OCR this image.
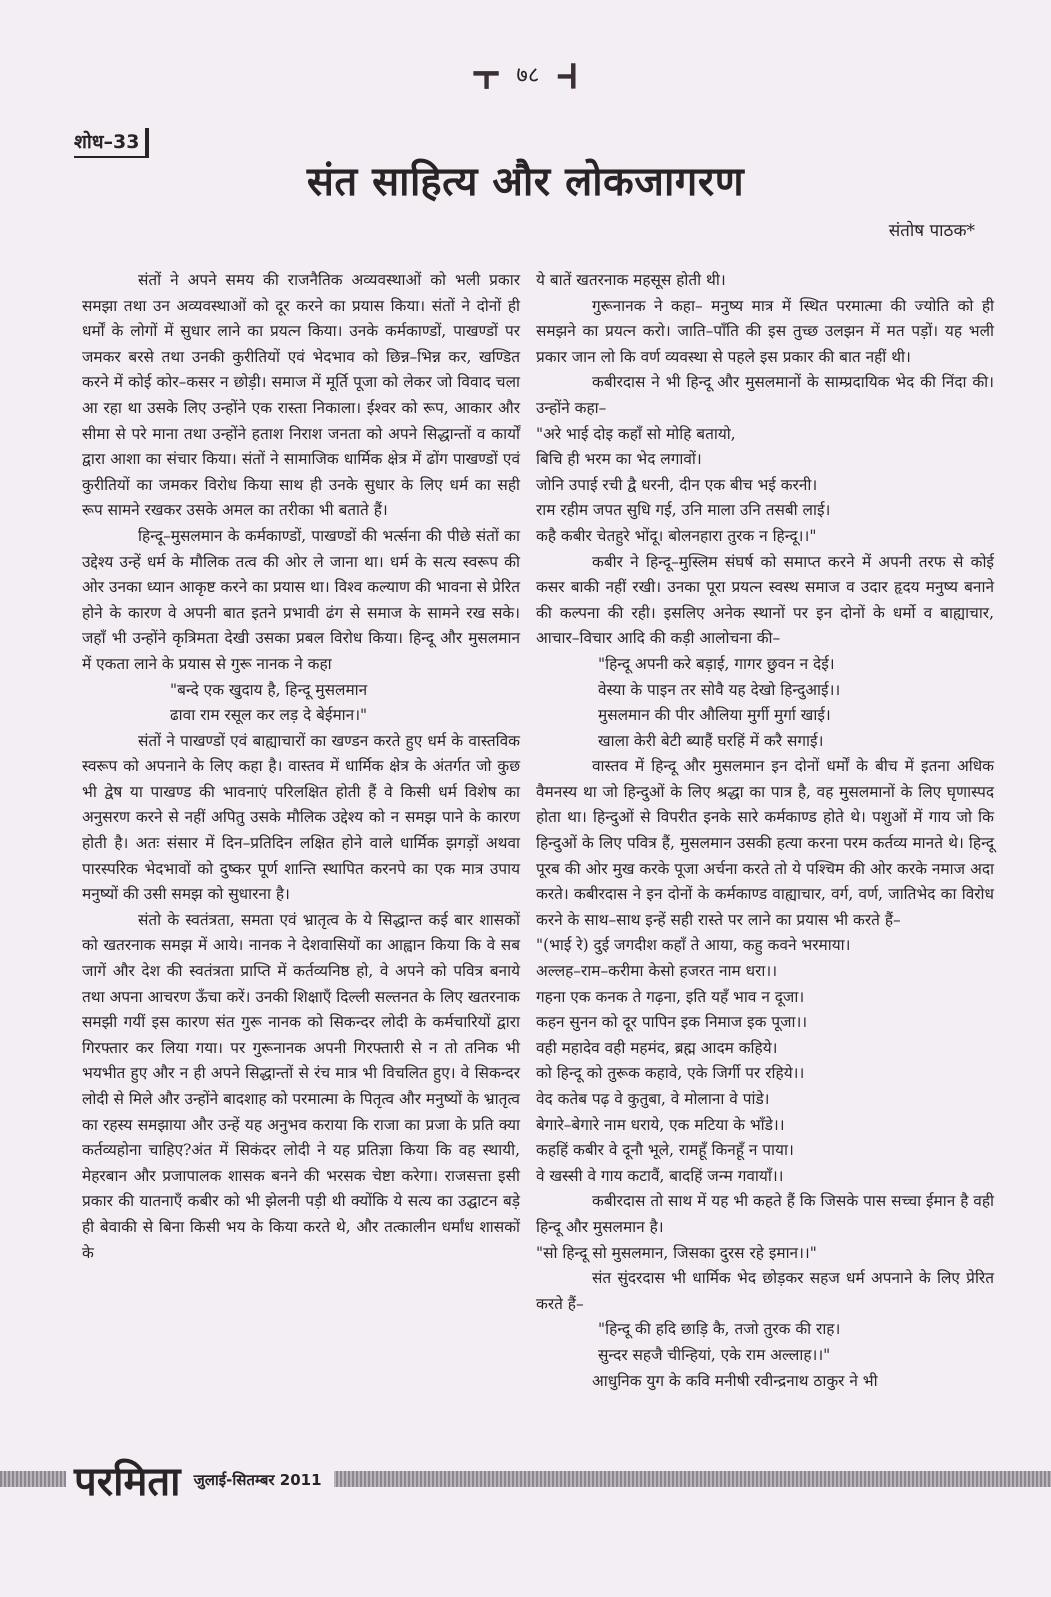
⫟ ७८ ⫞
शोध–33
संत साहित्य और लोकजागरण
संतोष पाठक*

संतों ने अपने समय की राजनैतिक अव्यवस्थाओं को भली प्रकार समझा तथा उन अव्यवस्थाओं को दूर करने का प्रयास किया। संतों ने दोनों ही धर्मों के लोगों में सुधार लाने का प्रयत्न किया। उनके कर्मकाण्डों, पाखण्डों पर जमकर बरसे तथा उनकी कुरीतियों एवं भेदभाव को छिन्न–भिन्न कर, खण्डित करने में कोई कोर–कसर न छोड़ी। समाज में मूर्ति पूजा को लेकर जो विवाद चला आ रहा था उसके लिए उन्होंने एक रास्ता निकाला। ईश्वर को रूप, आकार और सीमा से परे माना तथा उन्होंने हताश निराश जनता को अपने सिद्धान्तों व कार्यों द्वारा आशा का संचार किया। संतों ने सामाजिक धार्मिक क्षेत्र में ढोंग पाखण्डों एवं कुरीतियों का जमकर विरोध किया साथ ही उनके सुधार के लिए धर्म का सही रूप सामने रखकर उसके अमल का तरीका भी बताते हैं।

हिन्दू–मुसलमान के कर्मकाण्डों, पाखण्डों की भर्त्सना की पीछे संतों का उद्देश्य उन्हें धर्म के मौलिक तत्व की ओर ले जाना था। धर्म के सत्य स्वरूप की ओर उनका ध्यान आकृष्ट करने का प्रयास था। विश्व कल्याण की भावना से प्रेरित होने के कारण वे अपनी बात इतने प्रभावी ढंग से समाज के सामने रख सके। जहाँ भी उन्होंने कृत्रिमता देखी उसका प्रबल विरोध किया। हिन्दू और मुसलमान में एकता लाने के प्रयास से गुरू नानक ने कहा

"बन्दे एक खुदाय है, हिन्दू मुसलमान
ढावा राम रसूल कर लड़ दे बेईमान।"

संतों ने पाखण्डों एवं बाह्याचारों का खण्डन करते हुए धर्म के वास्तविक स्वरूप को अपनाने के लिए कहा है। वास्तव में धार्मिक क्षेत्र के अंतर्गत जो कुछ भी द्वेष या पाखण्ड की भावनाएं परिलक्षित होती हैं वे किसी धर्म विशेष का अनुसरण करने से नहीं अपितु उसके मौलिक उद्देश्य को न समझ पाने के कारण होती है। अतः संसार में दिन–प्रतिदिन लक्षित होने वाले धार्मिक झगड़ों अथवा पारस्परिक भेदभावों को दुष्कर पूर्ण शान्ति स्थापित करनपे का एक मात्र उपाय मनुष्यों की उसी समझ को सुधारना है।

संतो के स्वतंत्रता, समता एवं भ्रातृत्व के ये सिद्धान्त कई बार शासकों को खतरनाक समझ में आये। नानक ने देशवासियों का आह्वान किया कि वे सब जागें और देश की स्वतंत्रता प्राप्ति में कर्तव्यनिष्ठ हो, वे अपने को पवित्र बनाये तथा अपना आचरण ऊँचा करें। उनकी शिक्षाएँ दिल्ली सल्तनत के लिए खतरनाक समझी गयीं इस कारण संत गुरू नानक को सिकन्दर लोदी के कर्मचारियों द्वारा गिरफ्तार कर लिया गया। पर गुरूनानक अपनी गिरफ्तारी से न तो तनिक भी भयभीत हुए और न ही अपने सिद्धान्तों से रंच मात्र भी विचलित हुए। वे सिकन्दर लोदी से मिले और उन्होंने बादशाह को परमात्मा के पितृत्व और मनुष्यों के भ्रातृत्व का रहस्य समझाया और उन्हें यह अनुभव कराया कि राजा का प्रजा के प्रति क्या कर्तव्यहोना चाहिए?अंत में सिकंदर लोदी ने यह प्रतिज्ञा किया कि वह स्थायी, मेहरबान और प्रजापालक शासक बनने की भरसक चेष्टा करेगा। राजसत्ता इसी प्रकार की यातनाएँ कबीर को भी झेलनी पड़ी थी क्योंकि ये सत्य का उद्घाटन बड़े ही बेवाकी से बिना किसी भय के किया करते थे, और तत्कालीन धर्मांध शासकों के

ये बातें खतरनाक महसूस होती थी।

गुरूनानक ने कहा– मनुष्य मात्र में स्थित परमात्मा की ज्योति को ही समझने का प्रयत्न करो। जाति–पाँति की इस तुच्छ उलझन में मत पड़ों। यह भली प्रकार जान लो कि वर्ण व्यवस्था से पहले इस प्रकार की बात नहीं थी।

कबीरदास ने भी हिन्दू और मुसलमानों के साम्प्रदायिक भेद की निंदा की। उन्होंने कहा–

"अरे भाई दोइ कहाँ सो मोहि बतायो,
बिचि ही भरम का भेद लगावों।
जोनि उपाई रची द्वै धरनी, दीन एक बीच भई करनी।
राम रहीम जपत सुधि गई, उनि माला उनि तसबी लाई।
कहै कबीर चेतहुरे भोंदू। बोलनहारा तुरक न हिन्दू।।"

कबीर ने हिन्दू–मुस्लिम संघर्ष को समाप्त करने में अपनी तरफ से कोई कसर बाकी नहीं रखी। उनका पूरा प्रयत्न स्वस्थ समाज व उदार हृदय मनुष्य बनाने की कल्पना की रही। इसलिए अनेक स्थानों पर इन दोनों के धर्मो व बाह्याचार, आचार–विचार आदि की कड़ी आलोचना की–

"हिन्दू अपनी करे बड़ाई, गागर छुवन न देई।
वेस्या के पाइन तर सोवै यह देखो हिन्दुआई।।
मुसलमान की पीर औलिया मुर्गी मुर्गा खाई।
खाला केरी बेटी ब्याहैं घरहिं में करै सगाई।

वास्तव में हिन्दू और मुसलमान इन दोनों धर्मों के बीच में इतना अधिक वैमनस्य था जो हिन्दुओं के लिए श्रद्धा का पात्र है, वह मुसलमानों के लिए घृणास्पद होता था। हिन्दुओं से विपरीत इनके सारे कर्मकाण्ड होते थे। पशुओं में गाय जो कि हिन्दुओं के लिए पवित्र हैं, मुसलमान उसकी हत्या करना परम कर्तव्य मानते थे। हिन्दू पूरब की ओर मुख करके पूजा अर्चना करते तो ये पश्चिम की ओर करके नमाज अदा करते। कबीरदास ने इन दोनों के कर्मकाण्ड वाह्याचार, वर्ग, वर्ण, जातिभेद का विरोध करने के साथ–साथ इन्हें सही रास्ते पर लाने का प्रयास भी करते हैं–

"(भाई रे) दुई जगदीश कहाँ ते आया, कहु कवने भरमाया।
अल्लह–राम–करीमा केसो हजरत नाम धरा।।
गहना एक कनक ते गढ़ना, इति यहँ भाव न दूजा।
कहन सुनन को दूर पापिन इक निमाज इक पूजा।।
वही महादेव वही महमंद, ब्रह्म आदम कहिये।
को हिन्दू को तुरूक कहावे, एके जिर्गी पर रहिये।।
वेद कतेब पढ़ वे कुतुबा, वे मोलाना वे पांडे।
बेगारे–बेगारे नाम धराये, एक मटिया के भाँडे।।
कहहिं कबीर वे दूनौ भूले, रामहूँ किनहूँ न पाया।
वे खस्सी वे गाय कटावैं, बादहिं जन्म गवायाँ।।

कबीरदास तो साथ में यह भी कहते हैं कि जिसके पास सच्चा ईमान है वही हिन्दू और मुसलमान है।

"सो हिन्दू सो मुसलमान, जिसका दुरस रहे इमान।।"

संत सुंदरदास भी धार्मिक भेद छोड़कर सहज धर्म अपनाने के लिए प्रेरित करते हैं–

"हिन्दू की हदि छाड़ि कै, तजो तुरक की राह।
सुन्दर सहजै चीन्हियां, एके राम अल्लाह।।"

आधुनिक युग के कवि मनीषी रवीन्द्रनाथ ठाकुर ने भी

परमिता जुलाई-सितम्बर 2011
